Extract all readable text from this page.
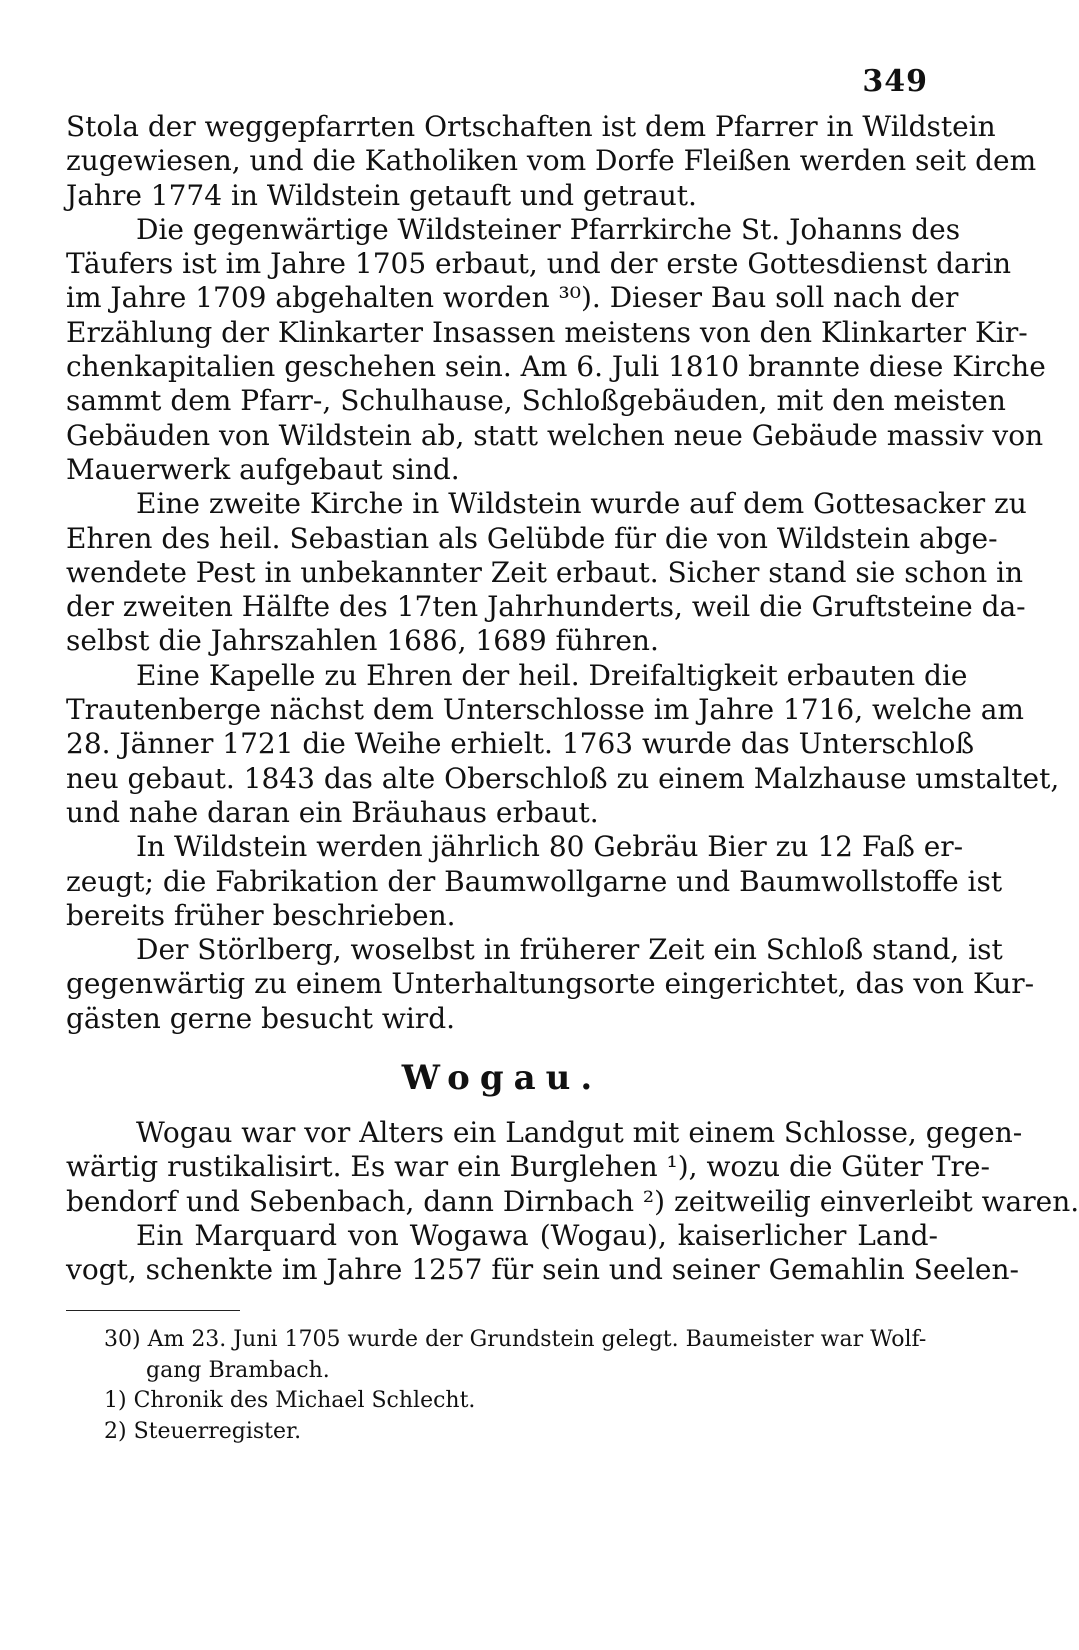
349
Stola der weggepfarrten Ortschaften ist dem Pfarrer in Wildstein
zugewiesen, und die Katholiken vom Dorfe Fleißen werden seit dem
Jahre 1774 in Wildstein getauft und getraut.
Die gegenwärtige Wildsteiner Pfarrkirche St. Johanns des
Täufers ist im Jahre 1705 erbaut, und der erste Gottesdienst darin
im Jahre 1709 abgehalten worden ³⁰). Dieser Bau soll nach der
Erzählung der Klinkarter Insassen meistens von den Klinkarter Kir-
chenkapitalien geschehen sein. Am 6. Juli 1810 brannte diese Kirche
sammt dem Pfarr-, Schulhause, Schloßgebäuden, mit den meisten
Gebäuden von Wildstein ab, statt welchen neue Gebäude massiv von
Mauerwerk aufgebaut sind.
Eine zweite Kirche in Wildstein wurde auf dem Gottesacker zu
Ehren des heil. Sebastian als Gelübde für die von Wildstein abge-
wendete Pest in unbekannter Zeit erbaut. Sicher stand sie schon in
der zweiten Hälfte des 17ten Jahrhunderts, weil die Gruftsteine da-
selbst die Jahrszahlen 1686, 1689 führen.
Eine Kapelle zu Ehren der heil. Dreifaltigkeit erbauten die
Trautenberge nächst dem Unterschlosse im Jahre 1716, welche am
28. Jänner 1721 die Weihe erhielt. 1763 wurde das Unterschloß
neu gebaut. 1843 das alte Oberschloß zu einem Malzhause umstaltet,
und nahe daran ein Bräuhaus erbaut.
In Wildstein werden jährlich 80 Gebräu Bier zu 12 Faß er-
zeugt; die Fabrikation der Baumwollgarne und Baumwollstoffe ist
bereits früher beschrieben.
Der Störlberg, woselbst in früherer Zeit ein Schloß stand, ist
gegenwärtig zu einem Unterhaltungsorte eingerichtet, das von Kur-
gästen gerne besucht wird.
Wogau.
Wogau war vor Alters ein Landgut mit einem Schlosse, gegen-
wärtig rustikalisirt. Es war ein Burglehen ¹), wozu die Güter Tre-
bendorf und Sebenbach, dann Dirnbach ²) zeitweilig einverleibt waren.
Ein Marquard von Wogawa (Wogau), kaiserlicher Land-
vogt, schenkte im Jahre 1257 für sein und seiner Gemahlin Seelen-
30) Am 23. Juni 1705 wurde der Grundstein gelegt. Baumeister war Wolf-
gang Brambach.
1) Chronik des Michael Schlecht.
2) Steuerregister.
